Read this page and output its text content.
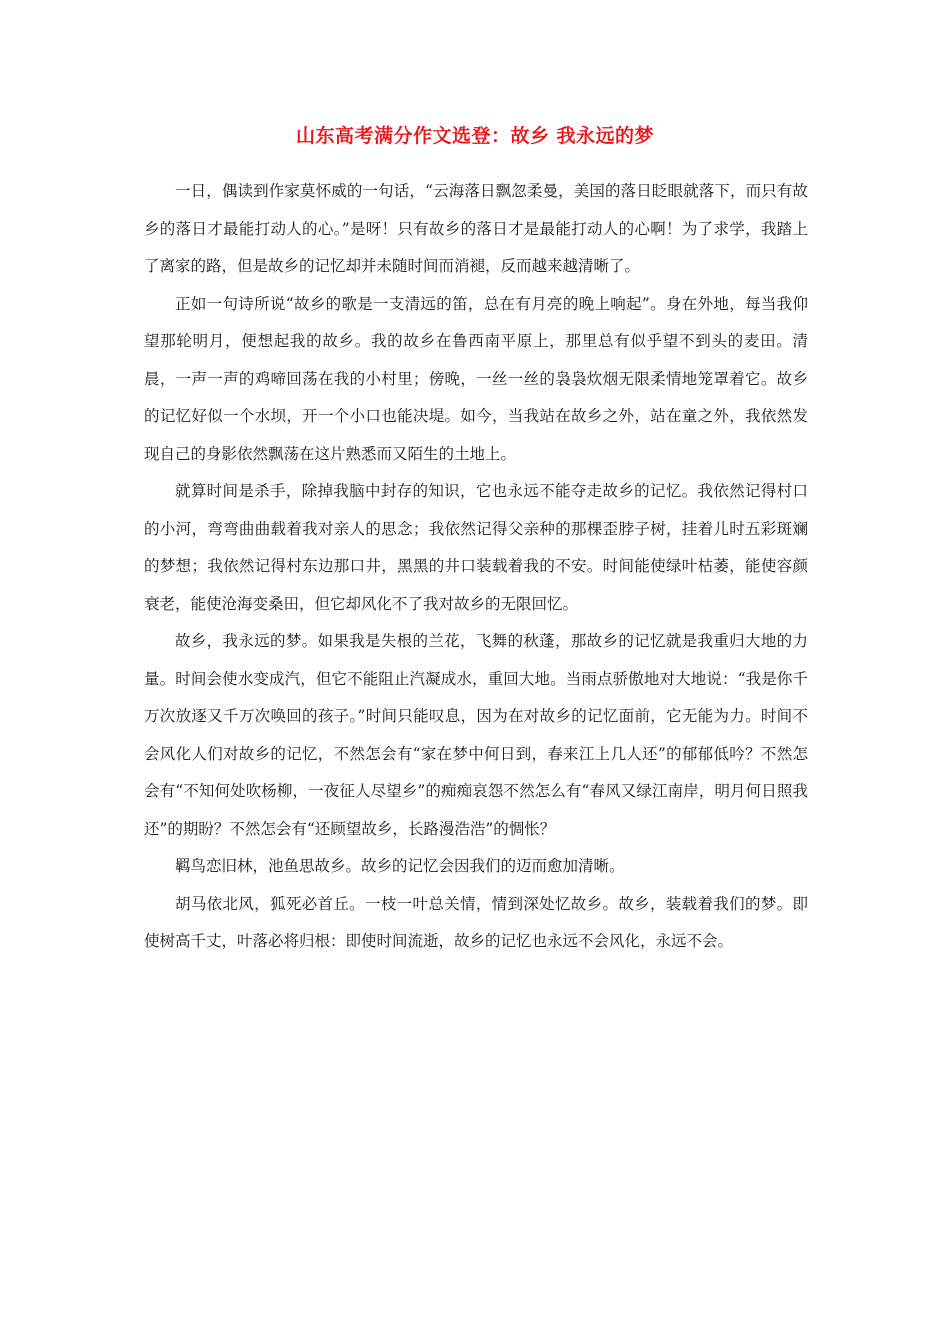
山东高考满分作文选登：故乡 我永远的梦

一日，偶读到作家莫怀威的一句话，“云海落日飘忽柔曼，美国的落日眨眼就落下，而只有故乡的落日才最能打动人的心。”是呀！只有故乡的落日才是最能打动人的心啊！为了求学，我踏上了离家的路，但是故乡的记忆却并未随时间而消褪，反而越来越清晰了。

正如一句诗所说“故乡的歌是一支清远的笛，总在有月亮的晚上响起”。身在外地，每当我仰望那轮明月，便想起我的故乡。我的故乡在鲁西南平原上，那里总有似乎望不到头的麦田。清晨，一声一声的鸡啼回荡在我的小村里；傍晚，一丝一丝的袅袅炊烟无限柔情地笼罩着它。故乡的记忆好似一个水坝，开一个小口也能决堤。如今，当我站在故乡之外，站在童之外，我依然发现自己的身影依然飘荡在这片熟悉而又陌生的土地上。

就算时间是杀手，除掉我脑中封存的知识，它也永远不能夺走故乡的记忆。我依然记得村口的小河，弯弯曲曲载着我对亲人的思念；我依然记得父亲种的那棵歪脖子树，挂着儿时五彩斑斓的梦想；我依然记得村东边那口井，黑黑的井口装载着我的不安。时间能使绿叶枯萎，能使容颜衰老，能使沧海变桑田，但它却风化不了我对故乡的无限回忆。

故乡，我永远的梦。如果我是失根的兰花，飞舞的秋蓬，那故乡的记忆就是我重归大地的力量。时间会使水变成汽，但它不能阻止汽凝成水，重回大地。当雨点骄傲地对大地说：“我是你千万次放逐又千万次唤回的孩子。”时间只能叹息，因为在对故乡的记忆面前，它无能为力。时间不会风化人们对故乡的记忆，不然怎会有“家在梦中何日到，春来江上几人还”的郁郁低吟？不然怎会有“不知何处吹杨柳，一夜征人尽望乡”的痴痴哀怨不然怎么有“春风又绿江南岸，明月何日照我还”的期盼？不然怎会有“还顾望故乡，长路漫浩浩”的惆怅？

羁鸟恋旧林，池鱼思故乡。故乡的记忆会因我们的迈而愈加清晰。

胡马依北风，狐死必首丘。一枝一叶总关情，情到深处忆故乡。故乡，装载着我们的梦。即使树高千丈，叶落必将归根：即使时间流逝，故乡的记忆也永远不会风化，永远不会。
